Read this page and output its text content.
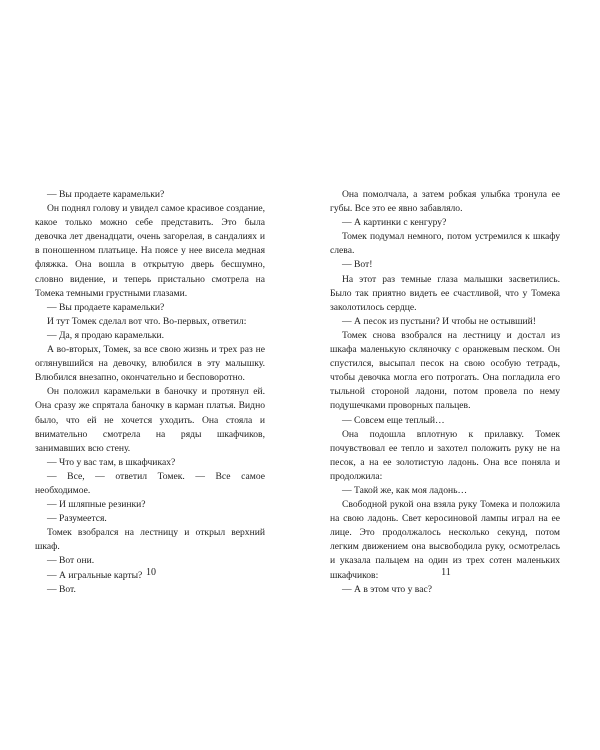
— Вы продаете карамельки?

Он поднял голову и увидел самое красивое создание, какое только можно себе представить. Это была девочка лет двенадцати, очень загорелая, в сандалиях и в поношенном платьице. На поясе у нее висела медная фляжка. Она вошла в открытую дверь бесшумно, словно видение, и теперь пристально смотрела на Томека темными грустными глазами.

— Вы продаете карамельки?

И тут Томек сделал вот что. Во-первых, ответил:

— Да, я продаю карамельки.

А во-вторых, Томек, за все свою жизнь и трех раз не оглянувшийся на девочку, влюбился в эту малышку. Влюбился внезапно, окончательно и бесповоротно.

Он положил карамельки в баночку и протянул ей. Она сразу же спрятала баночку в карман платья. Видно было, что ей не хочется уходить. Она стояла и внимательно смотрела на ряды шкафчиков, занимавших всю стену.

— Что у вас там, в шкафчиках?

— Все, — ответил Томек. — Все самое необходимое.

— И шляпные резинки?

— Разумеется.

Томек взобрался на лестницу и открыл верхний шкаф.

— Вот они.

— А игральные карты?

— Вот.

Она помолчала, а затем робкая улыбка тронула ее губы. Все это ее явно забавляло.

— А картинки с кенгуру?

Томек подумал немного, потом устремился к шкафу слева.

— Вот!

На этот раз темные глаза малышки засветились. Было так приятно видеть ее счастливой, что у Томека заколотилось сердце.

— А песок из пустыни? И чтобы не остывший!

Томек снова взобрался на лестницу и достал из шкафа маленькую скляночку с оранжевым песком. Он спустился, высыпал песок на свою особую тетрадь, чтобы девочка могла его потрогать. Она погладила его тыльной стороной ладони, потом провела по нему подушечками проворных пальцев.

— Совсем еще теплый…

Она подошла вплотную к прилавку. Томек почувствовал ее тепло и захотел положить руку не на песок, а на ее золотистую ладонь. Она все поняла и продолжила:

— Такой же, как моя ладонь…

Свободной рукой она взяла руку Томека и положила на свою ладонь. Свет керосиновой лампы играл на ее лице. Это продолжалось несколько секунд, потом легким движением она высвободила руку, осмотрелась и указала пальцем на один из трех сотен маленьких шкафчиков:

— А в этом что у вас?

10	11
